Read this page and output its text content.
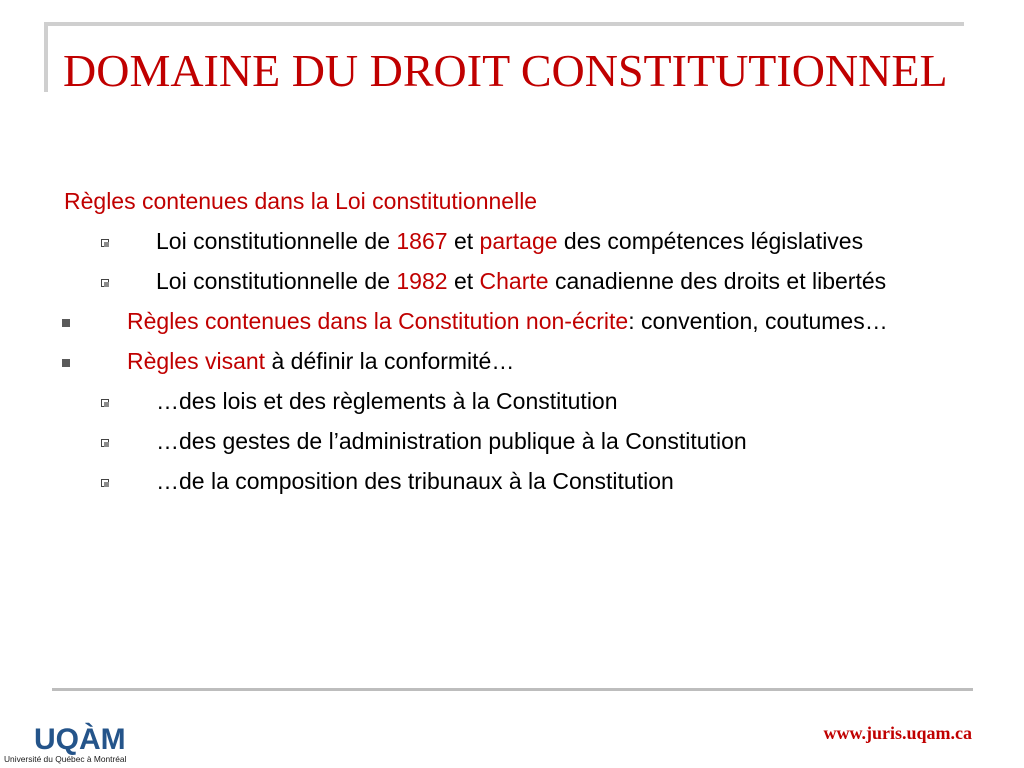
DOMAINE DU DROIT CONSTITUTIONNEL
Règles contenues dans la Loi constitutionnelle
Loi constitutionnelle de 1867 et partage des compétences législatives
Loi constitutionnelle de 1982 et Charte canadienne des droits et libertés
Règles contenues dans la Constitution non-écrite: convention, coutumes…
Règles visant à définir la conformité…
…des lois et des règlements à la Constitution
…des gestes de l’administration publique à la Constitution
…de la composition des tribunaux à la Constitution
UQÀM
Université du Québec à Montréal
www.juris.uqam.ca
